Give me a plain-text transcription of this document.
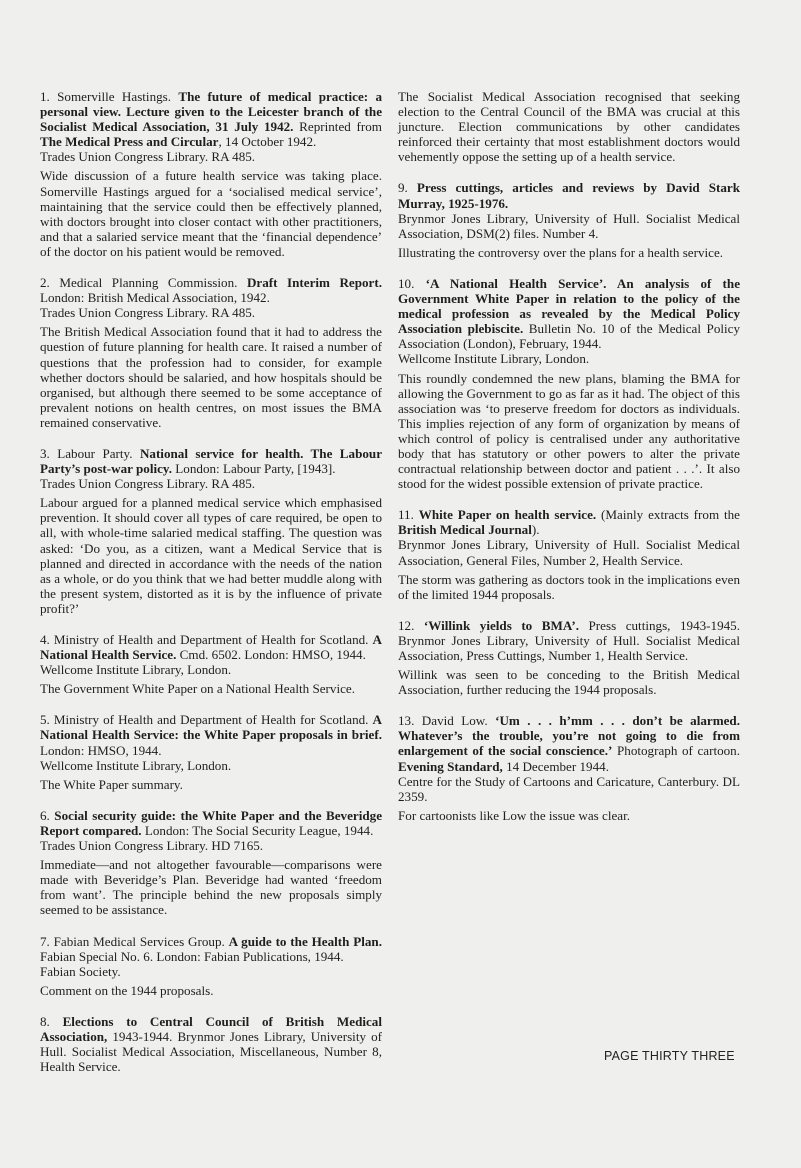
1. Somerville Hastings. The future of medical practice: a personal view. Lecture given to the Leicester branch of the Socialist Medical Association, 31 July 1942. Reprinted from The Medical Press and Circular, 14 October 1942.

Trades Union Congress Library. RA 485.

Wide discussion of a future health service was taking place. Somerville Hastings argued for a ‘socialised medical service’, maintaining that the service could then be effectively planned, with doctors brought into closer contact with other practitioners, and that a salaried service meant that the ‘financial dependence’ of the doctor on his patient would be removed.

2. Medical Planning Commission. Draft Interim Report. London: British Medical Association, 1942.

Trades Union Congress Library. RA 485.

The British Medical Association found that it had to address the question of future planning for health care. It raised a number of questions that the profession had to consider, for example whether doctors should be salaried, and how hospitals should be organised, but although there seemed to be some acceptance of prevalent notions on health centres, on most issues the BMA remained conservative.

3. Labour Party. National service for health. The Labour Party’s post-war policy. London: Labour Party, [1943].

Trades Union Congress Library. RA 485.

Labour argued for a planned medical service which emphasised prevention. It should cover all types of care required, be open to all, with whole-time salaried medical staffing. The question was asked: ‘Do you, as a citizen, want a Medical Service that is planned and directed in accordance with the needs of the nation as a whole, or do you think that we had better muddle along with the present system, distorted as it is by the influence of private profit?’

4. Ministry of Health and Department of Health for Scotland. A National Health Service. Cmd. 6502. London: HMSO, 1944.

Wellcome Institute Library, London.

The Government White Paper on a National Health Service.

5. Ministry of Health and Department of Health for Scotland. A National Health Service: the White Paper proposals in brief. London: HMSO, 1944.

Wellcome Institute Library, London.

The White Paper summary.

6. Social security guide: the White Paper and the Beveridge Report compared. London: The Social Security League, 1944.

Trades Union Congress Library. HD 7165.

Immediate—and not altogether favourable—comparisons were made with Beveridge’s Plan. Beveridge had wanted ‘freedom from want’. The principle behind the new proposals simply seemed to be assistance.

7. Fabian Medical Services Group. A guide to the Health Plan. Fabian Special No. 6. London: Fabian Publications, 1944.

Fabian Society.

Comment on the 1944 proposals.

8. Elections to Central Council of British Medical Association, 1943-1944. Brynmor Jones Library, University of Hull. Socialist Medical Association, Miscellaneous, Number 8, Health Service.

The Socialist Medical Association recognised that seeking election to the Central Council of the BMA was crucial at this juncture. Election communications by other candidates reinforced their certainty that most establishment doctors would vehemently oppose the setting up of a health service.

9. Press cuttings, articles and reviews by David Stark Murray, 1925-1976.

Brynmor Jones Library, University of Hull. Socialist Medical Association, DSM(2) files. Number 4.

Illustrating the controversy over the plans for a health service.

10. ‘A National Health Service’. An analysis of the Government White Paper in relation to the policy of the medical profession as revealed by the Medical Policy Association plebiscite. Bulletin No. 10 of the Medical Policy Association (London), February, 1944.

Wellcome Institute Library, London.

This roundly condemned the new plans, blaming the BMA for allowing the Government to go as far as it had. The object of this association was ‘to preserve freedom for doctors as individuals. This implies rejection of any form of organization by means of which control of policy is centralised under any authoritative body that has statutory or other powers to alter the private contractual relationship between doctor and patient . . .’. It also stood for the widest possible extension of private practice.

11. White Paper on health service. (Mainly extracts from the British Medical Journal).

Brynmor Jones Library, University of Hull. Socialist Medical Association, General Files, Number 2, Health Service.

The storm was gathering as doctors took in the implications even of the limited 1944 proposals.

12. ‘Willink yields to BMA’. Press cuttings, 1943-1945. Brynmor Jones Library, University of Hull. Socialist Medical Association, Press Cuttings, Number 1, Health Service.

Willink was seen to be conceding to the British Medical Association, further reducing the 1944 proposals.

13. David Low. ‘Um . . . h’mm . . . don’t be alarmed. Whatever’s the trouble, you’re not going to die from enlargement of the social conscience.’ Photograph of cartoon. Evening Standard, 14 December 1944.

Centre for the Study of Cartoons and Caricature, Canterbury. DL 2359.

For cartoonists like Low the issue was clear.

PAGE THIRTY THREE
